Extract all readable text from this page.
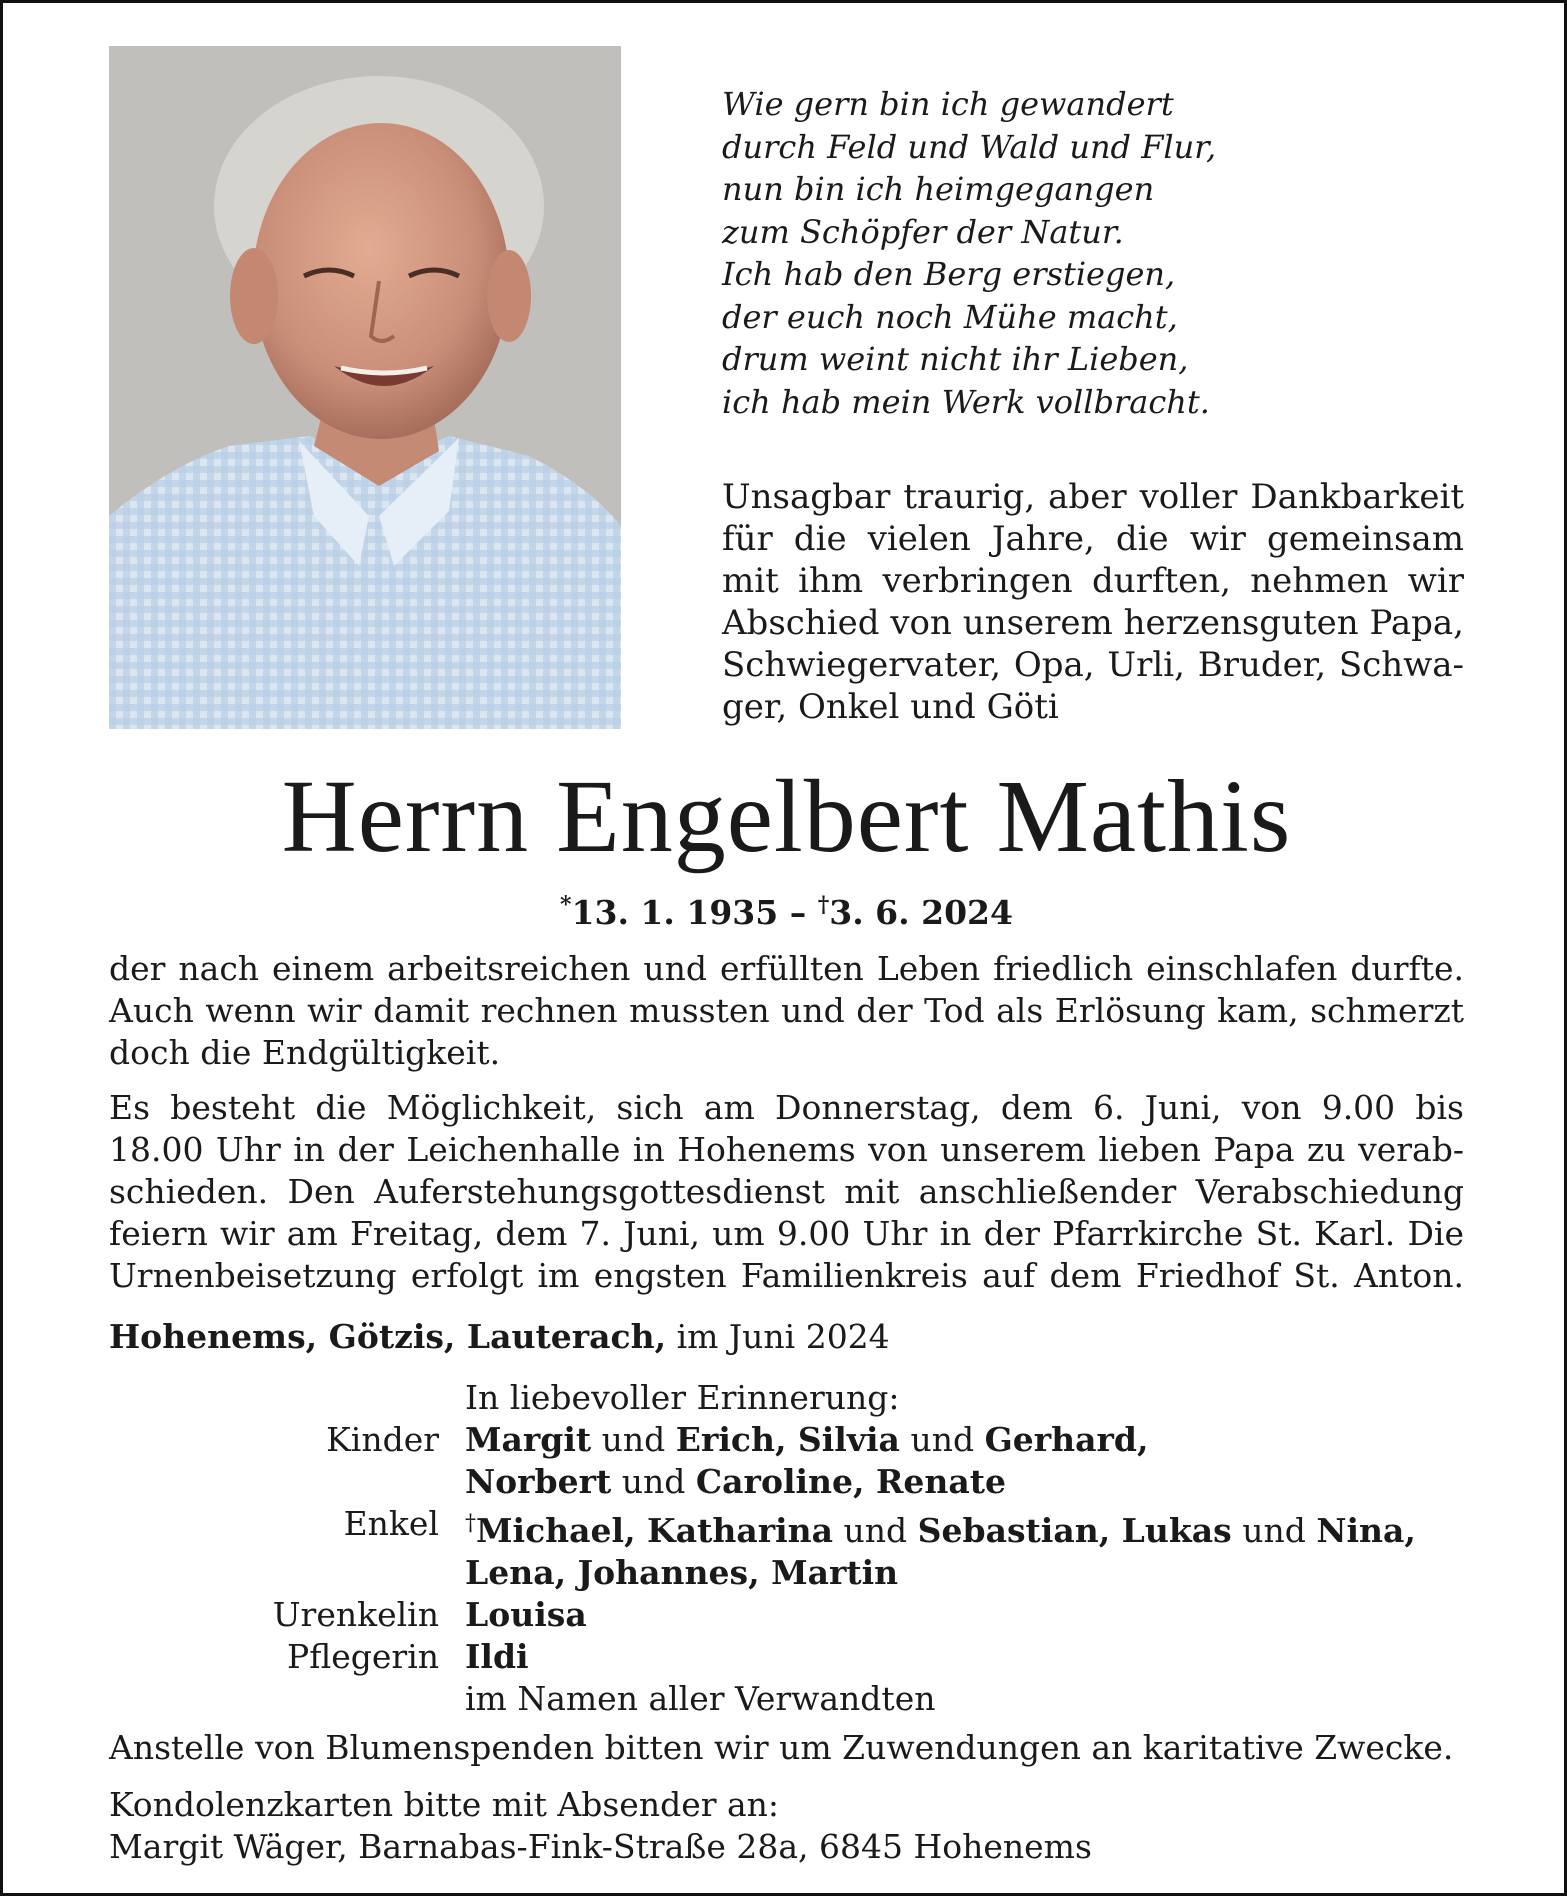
Wie gern bin ich gewandert
durch Feld und Wald und Flur,
nun bin ich heimgegangen
zum Schöpfer der Natur.
Ich hab den Berg erstiegen,
der euch noch Mühe macht,
drum weint nicht ihr Lieben,
ich hab mein Werk vollbracht.
Unsagbar traurig, aber voller Dankbarkeit
für die vielen Jahre, die wir gemeinsam
mit ihm verbringen durften, nehmen wir
Abschied von unserem herzensguten Papa,
Schwiegervater, Opa, Urli, Bruder, Schwa-
ger, Onkel und Göti
Herrn Engelbert Mathis
*13. 1. 1935 – †3. 6. 2024
der nach einem arbeitsreichen und erfüllten Leben friedlich einschlafen durfte.
Auch wenn wir damit rechnen mussten und der Tod als Erlösung kam, schmerzt
doch die Endgültigkeit.
Es besteht die Möglichkeit, sich am Donnerstag, dem 6. Juni, von 9.00 bis
18.00 Uhr in der Leichenhalle in Hohenems von unserem lieben Papa zu verab-
schieden. Den Auferstehungsgottesdienst mit anschließender Verabschiedung
feiern wir am Freitag, dem 7. Juni, um 9.00 Uhr in der Pfarrkirche St. Karl. Die
Urnenbeisetzung erfolgt im engsten Familienkreis auf dem Friedhof St. Anton.
Hohenems, Götzis, Lauterach, im Juni 2024
In liebevoller Erinnerung:
Kinder Margit und Erich, Silvia und Gerhard,
Norbert und Caroline, Renate
Enkel	†Michael, Katharina und Sebastian, Lukas und Nina,
Lena, Johannes, Martin
Urenkelin Louisa
Pflegerin Ildi
im Namen aller Verwandten
Anstelle von Blumenspenden bitten wir um Zuwendungen an karitative Zwecke.
Kondolenzkarten bitte mit Absender an:
Margit Wäger, Barnabas-Fink-Straße 28a, 6845 Hohenems
